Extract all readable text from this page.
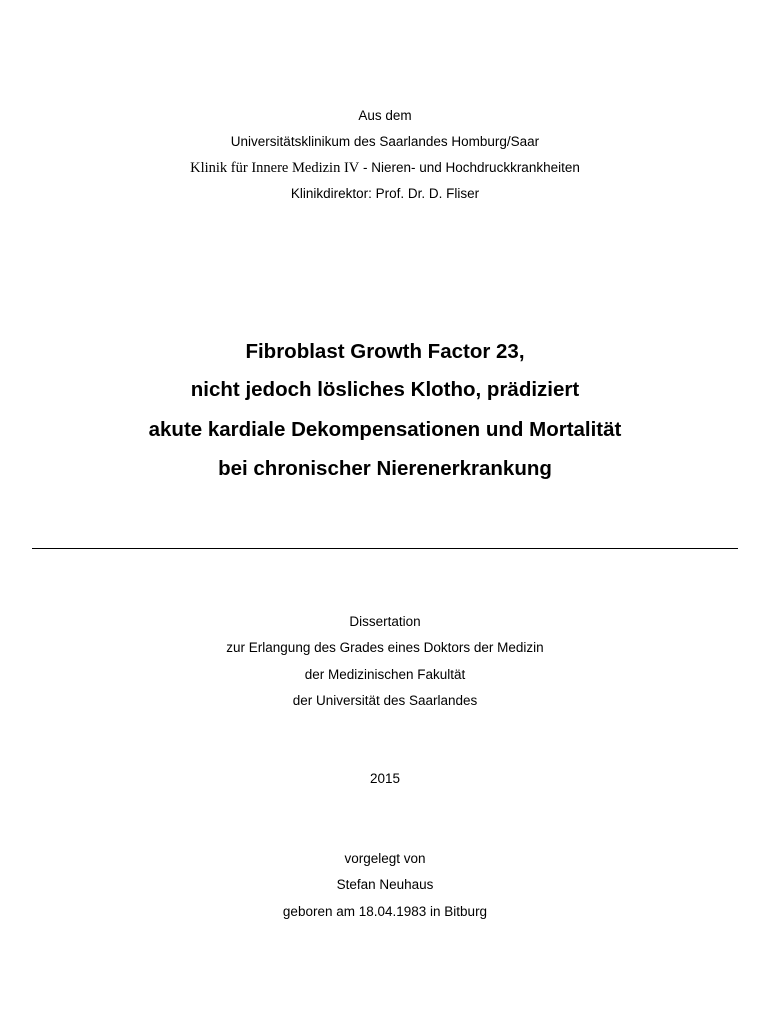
Aus dem
Universitätsklinikum des Saarlandes Homburg/Saar
Klinik für Innere Medizin IV - Nieren- und Hochdruckkrankheiten
Klinikdirektor: Prof. Dr. D. Fliser
Fibroblast Growth Factor 23,
nicht jedoch lösliches Klotho, prädiziert
akute kardiale Dekompensationen und Mortalität
bei chronischer Nierenerkrankung
Dissertation
zur Erlangung des Grades eines Doktors der Medizin
der Medizinischen Fakultät
der Universität des Saarlandes
2015
vorgelegt von
Stefan Neuhaus
geboren am 18.04.1983 in Bitburg
